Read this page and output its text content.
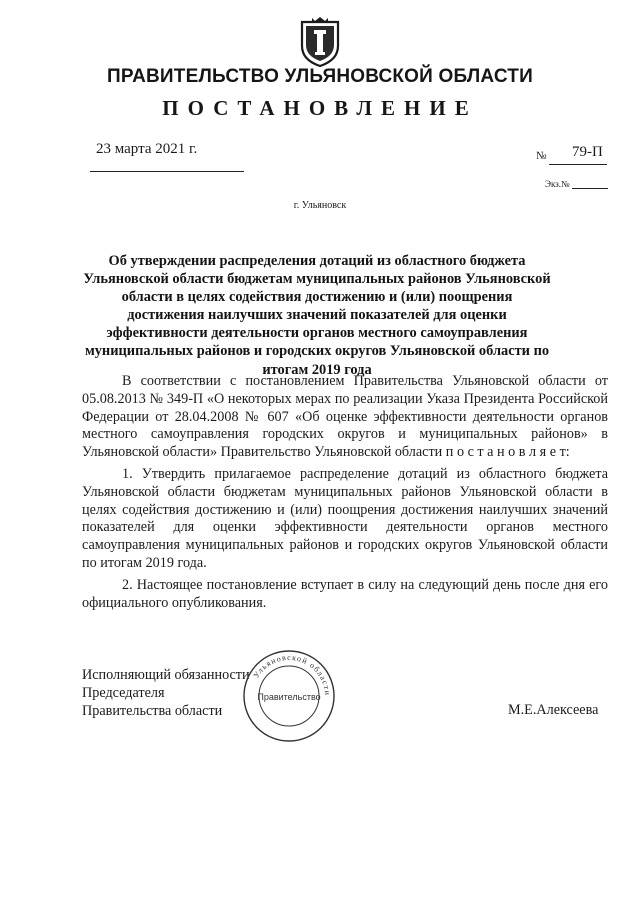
ПРАВИТЕЛЬСТВО УЛЬЯНОВСКОЙ ОБЛАСТИ
ПОСТАНОВЛЕНИЕ
23 марта 2021 г.	№ 79-П
Экз.№
г. Ульяновск
Об утверждении распределения дотаций из областного бюджета Ульяновской области бюджетам муниципальных районов Ульяновской области в целях содействия достижению и (или) поощрения достижения наилучших значений показателей для оценки эффективности деятельности органов местного самоуправления муниципальных районов и городских округов Ульяновской области по итогам 2019 года

В соответствии с постановлением Правительства Ульяновской области от 05.08.2013 № 349-П «О некоторых мерах по реализации Указа Президента Российской Федерации от 28.04.2008 № 607 «Об оценке эффективности деятельности органов местного самоуправления городских округов и муниципальных районов» в Ульяновской области» Правительство Ульяновской области п о с т а н о в л я е т:

1. Утвердить прилагаемое распределение дотаций из областного бюджета Ульяновской области бюджетам муниципальных районов Ульяновской области в целях содействия достижению и (или) поощрения достижения наилучших значений показателей для оценки эффективности деятельности органов местного самоуправления муниципальных районов и городских округов Ульяновской области по итогам 2019 года.

2. Настоящее постановление вступает в силу на следующий день после дня его официального опубликования.

Исполняющий обязанности
Председателя
Правительства области	М.Е.Алексеева
Ульяновской области
Правительство
